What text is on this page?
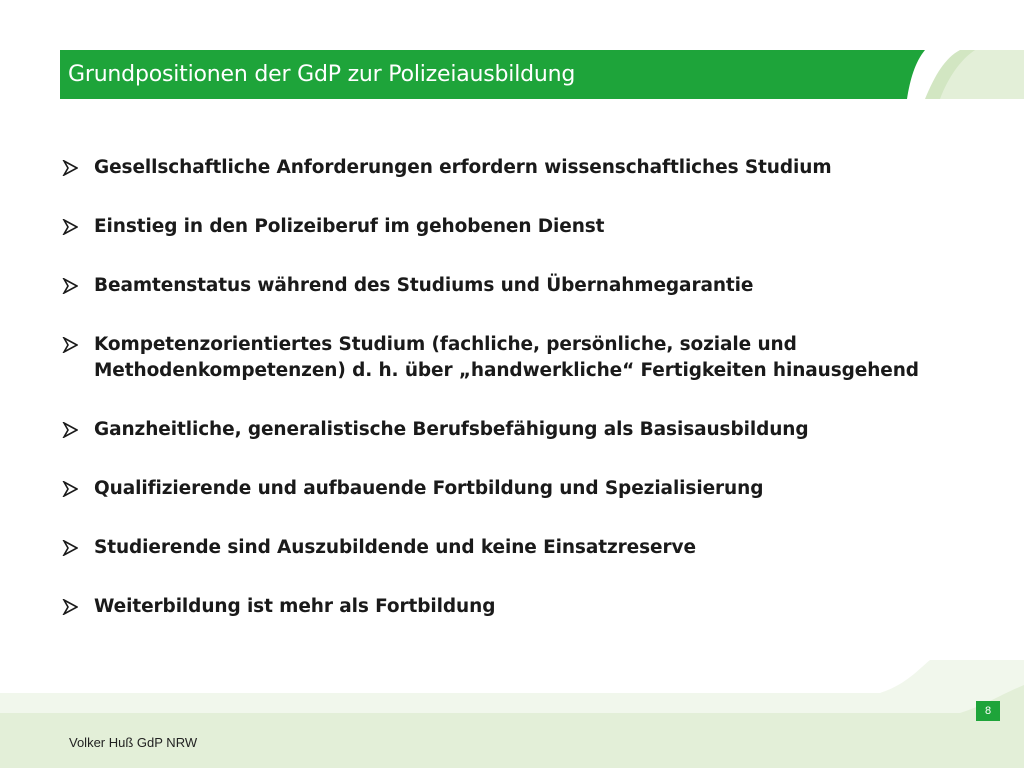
Grundpositionen der GdP zur Polizeiausbildung
Gesellschaftliche Anforderungen erfordern wissenschaftliches Studium
Einstieg in den Polizeiberuf im gehobenen Dienst
Beamtenstatus während des Studiums und Übernahmegarantie
Kompetenzorientiertes Studium (fachliche, persönliche, soziale und Methodenkompetenzen) d. h. über „handwerkliche“ Fertigkeiten hinausgehend
Ganzheitliche, generalistische Berufsbefähigung als Basisausbildung
Qualifizierende und aufbauende Fortbildung und Spezialisierung
Studierende sind Auszubildende und keine Einsatzreserve
Weiterbildung ist mehr als Fortbildung
8
Volker Huß GdP NRW
